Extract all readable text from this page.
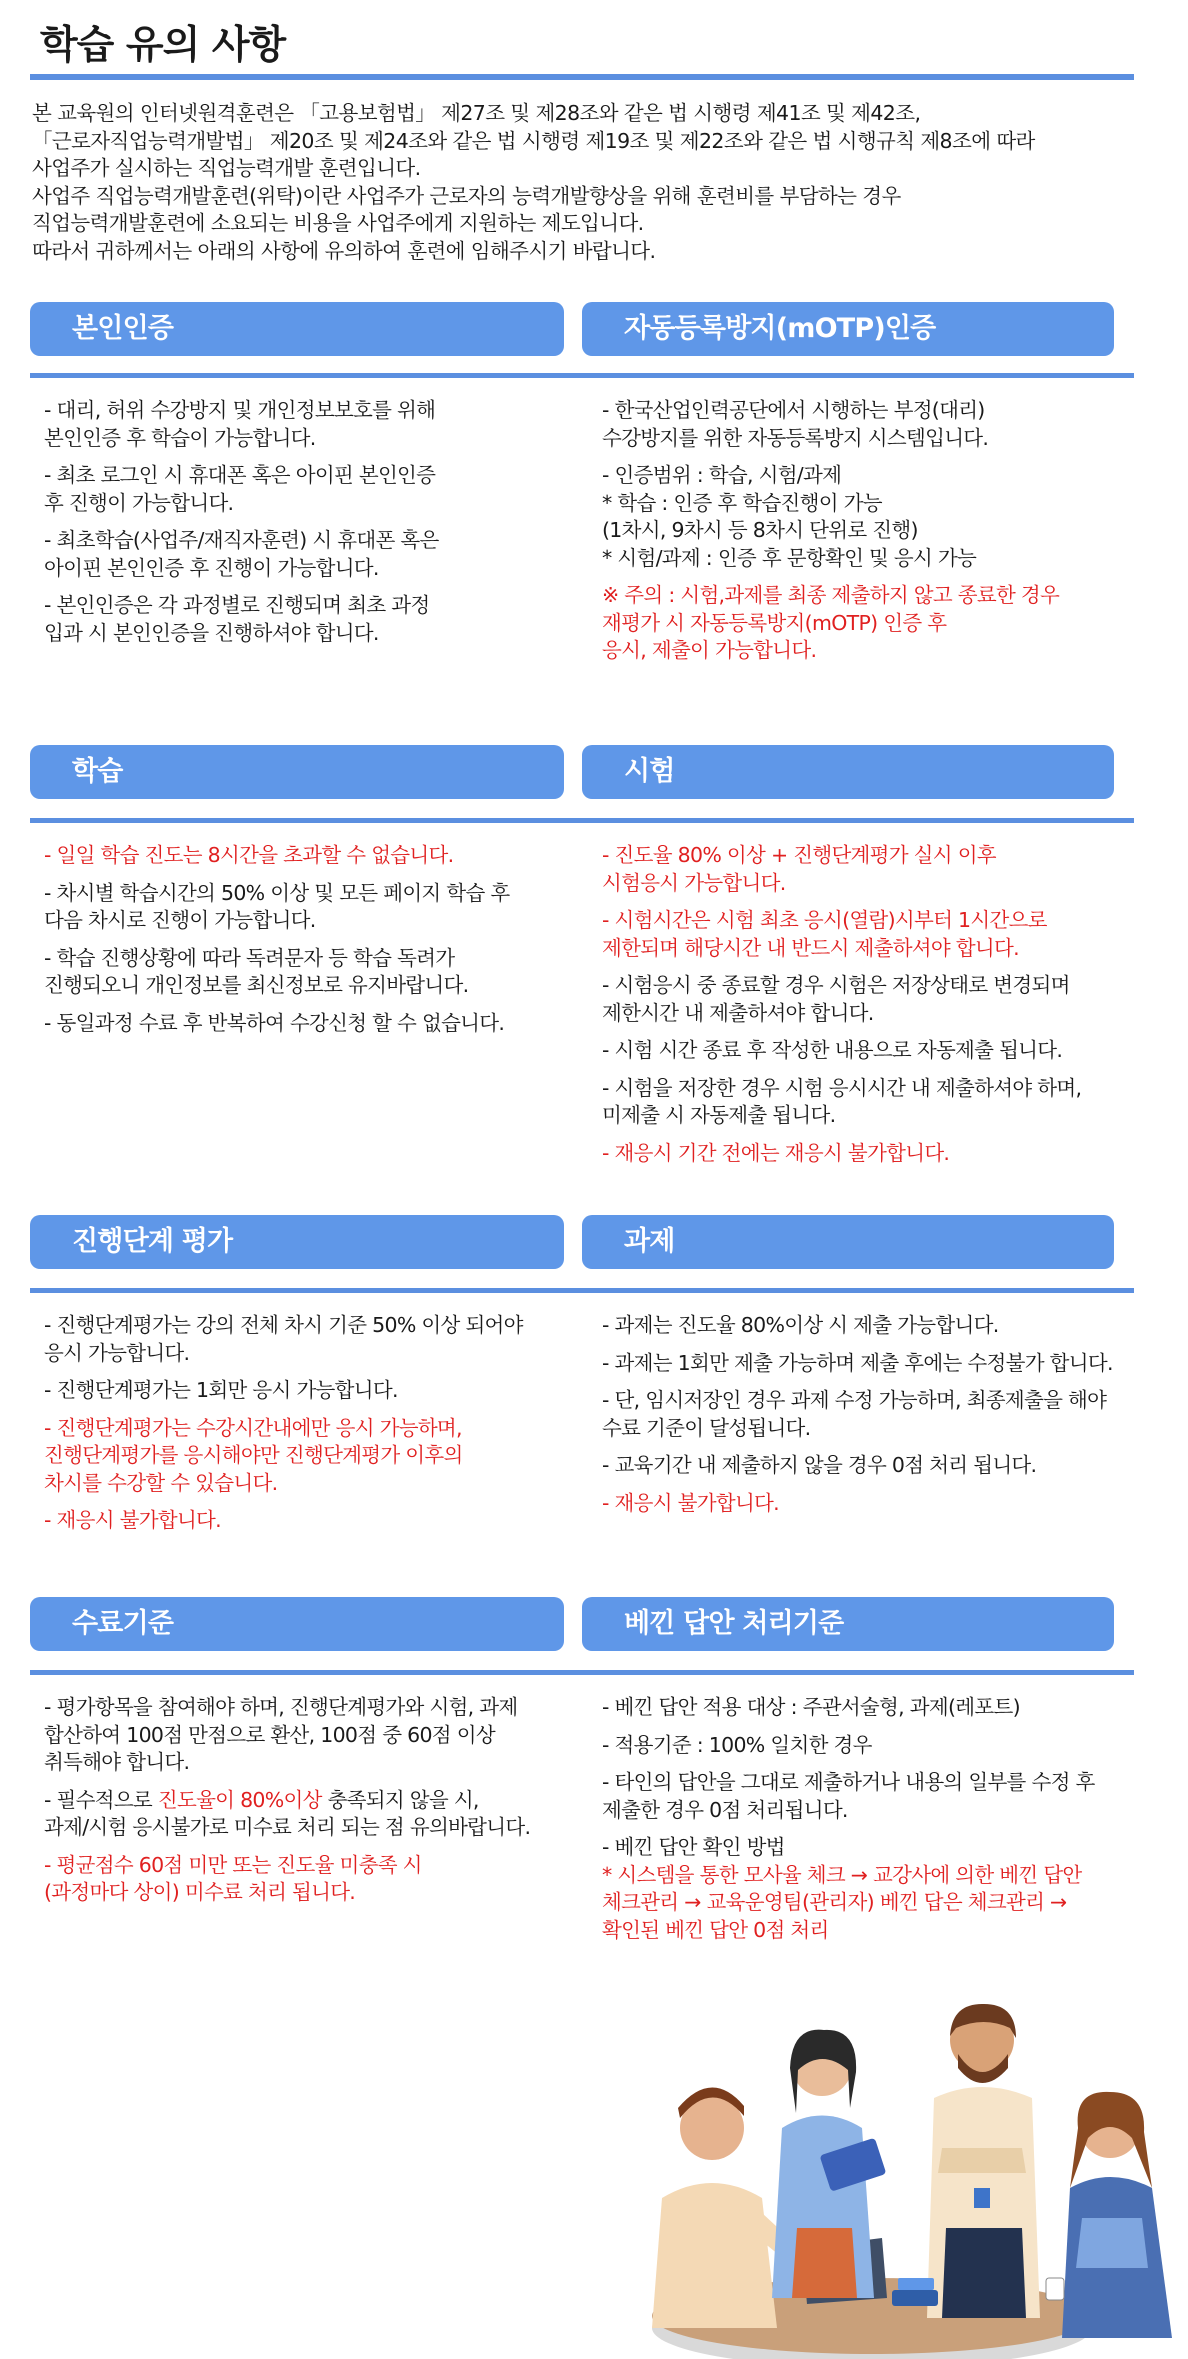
학습 유의 사항
본 교육원의 인터넷원격훈련은 「고용보험법」 제27조 및 제28조와 같은 법 시행령 제41조 및 제42조,
「근로자직업능력개발법」 제20조 및 제24조와 같은 법 시행령 제19조 및 제22조와 같은 법 시행규칙 제8조에 따라
사업주가 실시하는 직업능력개발 훈련입니다.
사업주 직업능력개발훈련(위탁)이란 사업주가 근로자의 능력개발향상을 위해 훈련비를 부담하는 경우
직업능력개발훈련에 소요되는 비용을 사업주에게 지원하는 제도입니다.
따라서 귀하께서는 아래의 사항에 유의하여 훈련에 임해주시기 바랍니다.
본인인증	자동등록방지(mOTP)인증
- 대리, 허위 수강방지 및 개인정보보호를 위해
본인인증 후 학습이 가능합니다.
- 최초 로그인 시 휴대폰 혹은 아이핀 본인인증
후 진행이 가능합니다.
- 최초학습(사업주/재직자훈련) 시 휴대폰 혹은
아이핀 본인인증 후 진행이 가능합니다.
- 본인인증은 각 과정별로 진행되며 최초 과정
입과 시 본인인증을 진행하셔야 합니다.
- 한국산업인력공단에서 시행하는 부정(대리)
수강방지를 위한 자동등록방지 시스템입니다.
- 인증범위 : 학습, 시험/과제
* 학습 : 인증 후 학습진행이 가능
(1차시, 9차시 등 8차시 단위로 진행)
* 시험/과제 : 인증 후 문항확인 및 응시 가능
※ 주의 : 시험,과제를 최종 제출하지 않고 종료한 경우
재평가 시 자동등록방지(mOTP) 인증 후
응시, 제출이 가능합니다.
학습	시험
- 일일 학습 진도는 8시간을 초과할 수 없습니다.
- 차시별 학습시간의 50% 이상 및 모든 페이지 학습 후
다음 차시로 진행이 가능합니다.
- 학습 진행상황에 따라 독려문자 등 학습 독려가
진행되오니 개인정보를 최신정보로 유지바랍니다.
- 동일과정 수료 후 반복하여 수강신청 할 수 없습니다.
- 진도율 80% 이상 + 진행단계평가 실시 이후
시험응시 가능합니다.
- 시험시간은 시험 최초 응시(열람)시부터 1시간으로
제한되며 해당시간 내 반드시 제출하셔야 합니다.
- 시험응시 중 종료할 경우 시험은 저장상태로 변경되며
제한시간 내 제출하셔야 합니다.
- 시험 시간 종료 후 작성한 내용으로 자동제출 됩니다.
- 시험을 저장한 경우 시험 응시시간 내 제출하셔야 하며,
미제출 시 자동제출 됩니다.
- 재응시 기간 전에는 재응시 불가합니다.
진행단계 평가	과제
- 진행단계평가는 강의 전체 차시 기준 50% 이상 되어야
응시 가능합니다.
- 진행단계평가는 1회만 응시 가능합니다.
- 진행단계평가는 수강시간내에만 응시 가능하며,
진행단계평가를 응시해야만 진행단계평가 이후의
차시를 수강할 수 있습니다.
- 재응시 불가합니다.
- 과제는 진도율 80%이상 시 제출 가능합니다.
- 과제는 1회만 제출 가능하며 제출 후에는 수정불가 합니다.
- 단, 임시저장인 경우 과제 수정 가능하며, 최종제출을 해야
수료 기준이 달성됩니다.
- 교육기간 내 제출하지 않을 경우 0점 처리 됩니다.
- 재응시 불가합니다.
수료기준	베낀 답안 처리기준
- 평가항목을 참여해야 하며, 진행단계평가와 시험, 과제
합산하여 100점 만점으로 환산, 100점 중 60점 이상
취득해야 합니다.
- 필수적으로 진도율이 80%이상 충족되지 않을 시,
과제/시험 응시불가로 미수료 처리 되는 점 유의바랍니다.
- 평균점수 60점 미만 또는 진도율 미충족 시
(과정마다 상이) 미수료 처리 됩니다.
- 베낀 답안 적용 대상 : 주관서술형, 과제(레포트)
- 적용기준 : 100% 일치한 경우
- 타인의 답안을 그대로 제출하거나 내용의 일부를 수정 후
제출한 경우 0점 처리됩니다.
- 베낀 답안 확인 방법
* 시스템을 통한 모사율 체크 → 교강사에 의한 베낀 답안
체크관리 → 교육운영팀(관리자) 베낀 답은 체크관리 →
확인된 베낀 답안 0점 처리
